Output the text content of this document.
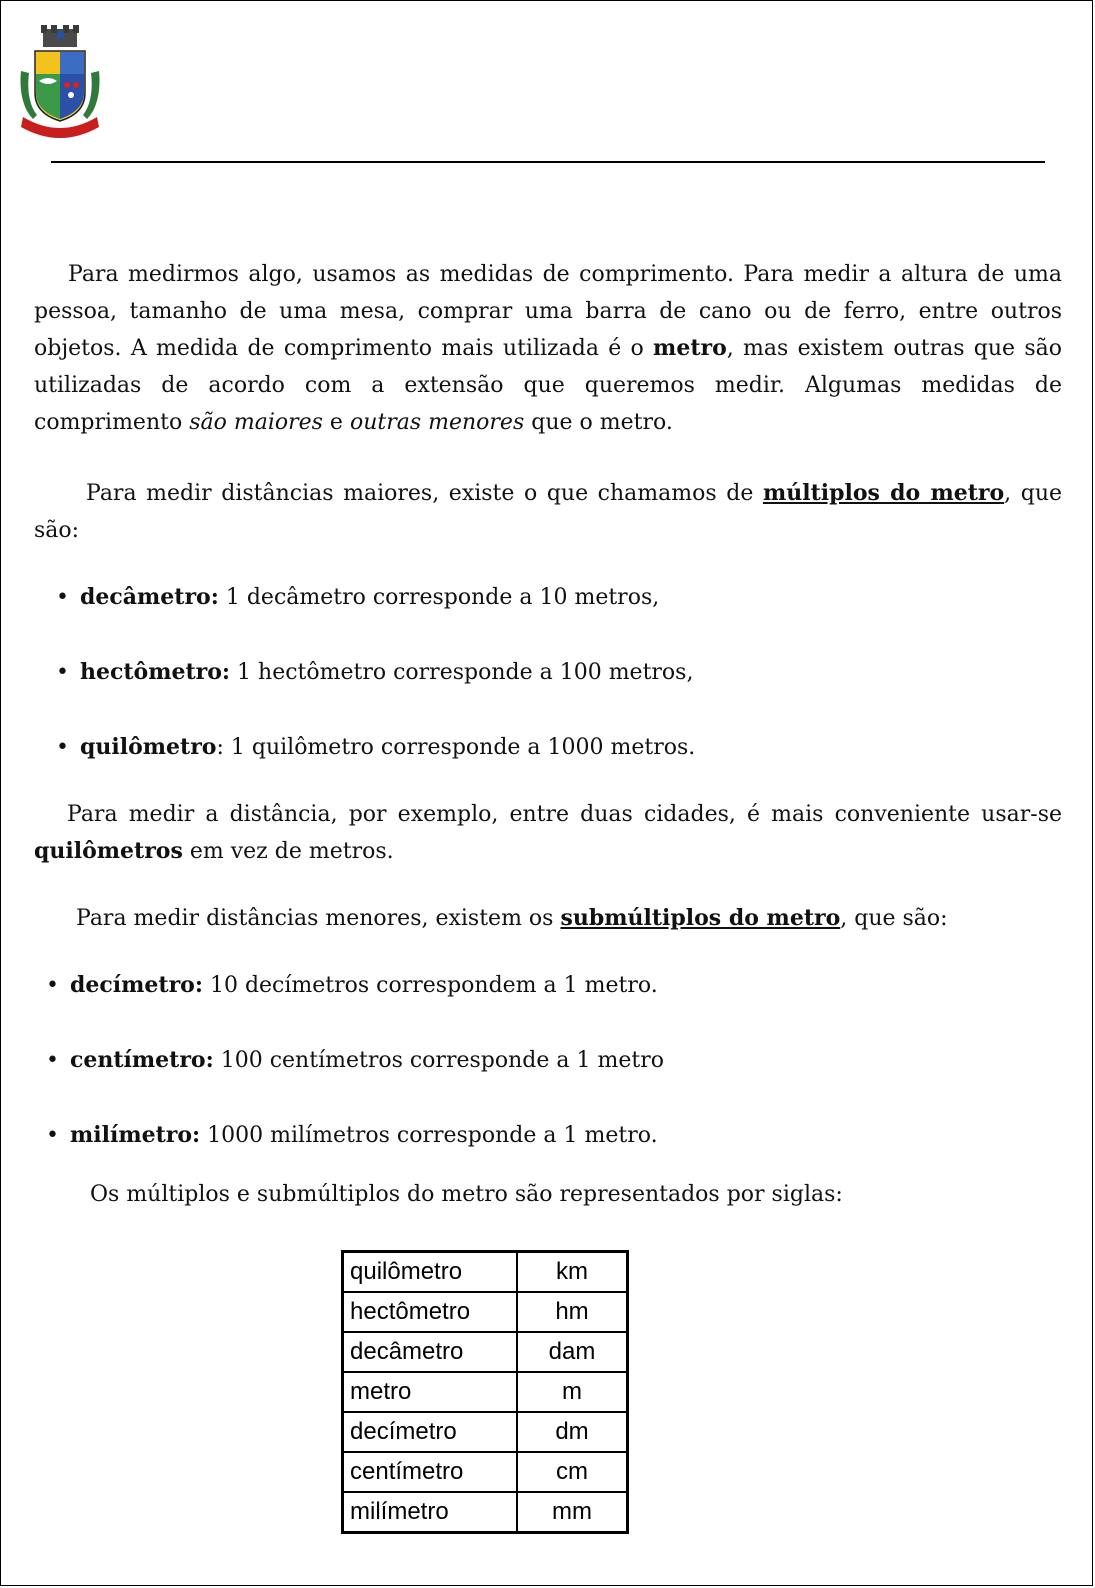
Para medirmos algo, usamos as medidas de comprimento. Para medir a altura de uma pessoa, tamanho de uma mesa, comprar uma barra de cano ou de ferro, entre outros objetos. A medida de comprimento mais utilizada é o metro, mas existem outras que são utilizadas de acordo com a extensão que queremos medir. Algumas medidas de comprimento são maiores e outras menores que o metro.

Para medir distâncias maiores, existe o que chamamos de múltiplos do metro, que são:

• decâmetro: 1 decâmetro corresponde a 10 metros,
• hectômetro: 1 hectômetro corresponde a 100 metros,
• quilômetro: 1 quilômetro corresponde a 1000 metros.

Para medir a distância, por exemplo, entre duas cidades, é mais conveniente usar-se quilômetros em vez de metros.

Para medir distâncias menores, existem os submúltiplos do metro, que são:

• decímetro: 10 decímetros correspondem a 1 metro.
• centímetro: 100 centímetros corresponde a 1 metro
• milímetro: 1000 milímetros corresponde a 1 metro.

Os múltiplos e submúltiplos do metro são representados por siglas:

quilômetro	km
hectômetro	hm
decâmetro	dam
metro	m
decímetro	dm
centímetro	cm
milímetro	mm
